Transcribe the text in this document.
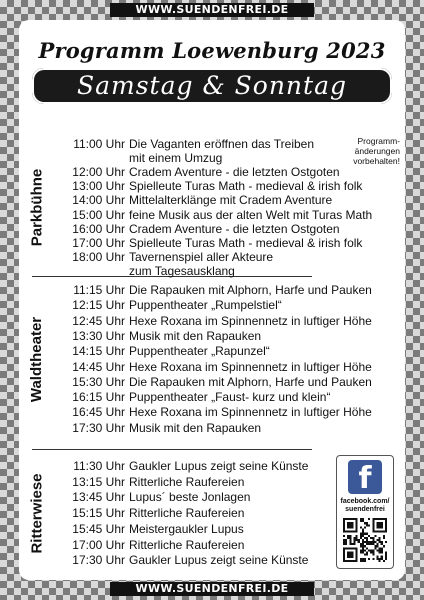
WWW.SUENDENFREI.DE
Programm Loewenburg 2023
Samstag & Sonntag
Programm-
änderungen
vorbehalten!
11:00 Uhr Die Vaganten eröffnen das Treiben
mit einem Umzug
12:00 Uhr Cradem Aventure - die letzten Ostgoten
13:00 Uhr Spielleute Turas Math - medieval & irish folk
14:00 Uhr Mittelalterklänge mit Cradem Aventure
15:00 Uhr feine Musik aus der alten Welt mit Turas Math
16:00 Uhr Cradem Aventure - die letzten Ostgoten
17:00 Uhr Spielleute Turas Math - medieval & irish folk
18:00 Uhr Tavernenspiel aller Akteure
zum Tagesausklang
Parkbühne
11:15 Uhr Die Rapauken mit Alphorn, Harfe und Pauken
12:15 Uhr Puppentheater „Rumpelstiel“
12:45 Uhr Hexe Roxana im Spinnennetz in luftiger Höhe
13:30 Uhr Musik mit den Rapauken
14:15 Uhr Puppentheater „Rapunzel“
14:45 Uhr Hexe Roxana im Spinnennetz in luftiger Höhe
15:30 Uhr Die Rapauken mit Alphorn, Harfe und Pauken
16:15 Uhr Puppentheater „Faust- kurz und klein“
16:45 Uhr Hexe Roxana im Spinnennetz in luftiger Höhe
17:30 Uhr Musik mit den Rapauken
Waldtheater
11:30 Uhr Gaukler Lupus zeigt seine Künste
13:15 Uhr Ritterliche Raufereien
13:45 Uhr Lupus´ beste Jonlagen
15:15 Uhr Ritterliche Raufereien
15:45 Uhr Meistergaukler Lupus
17:00 Uhr Ritterliche Raufereien
17:30 Uhr Gaukler Lupus zeigt seine Künste
Ritterwiese	f
facebook.com/
suendenfrei
WWW.SUENDENFREI.DE
